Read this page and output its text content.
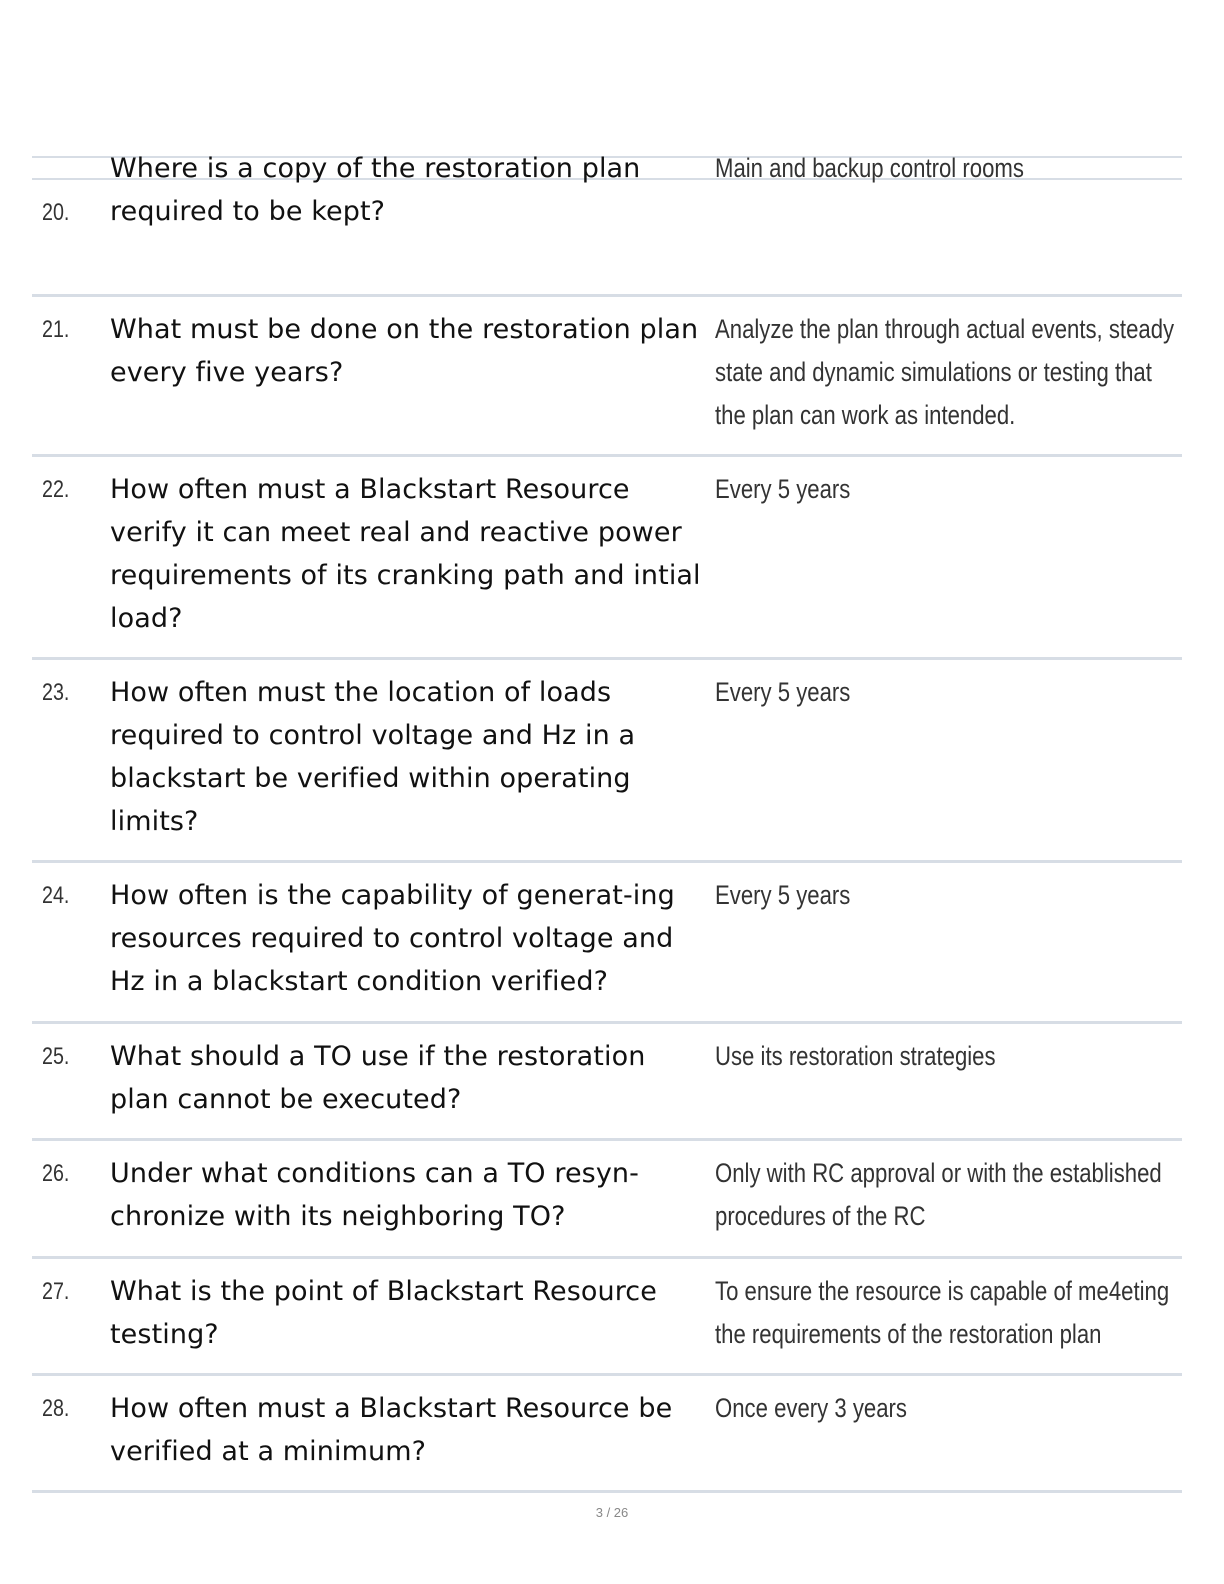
20.
Where is a copy of the restoration plan required to be kept?
Main and backup control rooms
21. What must be done on the restoration plan every five years?
Analyze the plan through actual events, steady state and dynamic simulations or testing that the plan can work as intended.
22. How often must a Blackstart Resource verify it can meet real and reactive power requirements of its cranking path and intial load?
Every 5 years
23. How often must the location of loads required to control voltage and Hz in a blackstart be verified within operating limits?
Every 5 years
24. How often is the capability of generat-ing resources required to control voltage and Hz in a blackstart condition verified?
Every 5 years
25. What should a TO use if the restoration plan cannot be executed?
Use its restoration strategies
26. Under what conditions can a TO resyn-chronize with its neighboring TO?
Only with RC approval or with the established procedures of the RC
27. What is the point of Blackstart Resource testing?
To ensure the resource is capable of me4eting the requirements of the restoration plan
28. How often must a Blackstart Resource be verified at a minimum?
Once every 3 years
3 / 26
